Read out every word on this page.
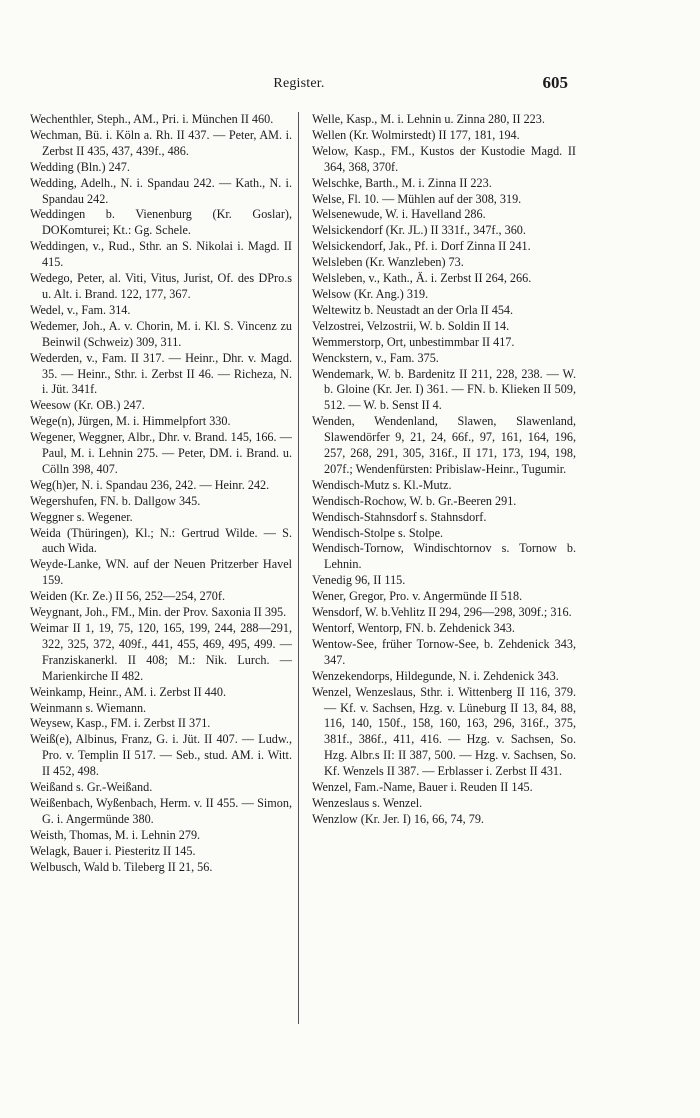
Register.	605

Wechenthler, Steph., AM., Pri. i. München II 460.

Wechman, Bü. i. Köln a. Rh. II 437. — Peter, AM. i. Zerbst II 435, 437, 439f., 486.

Wedding (Bln.) 247.

Wedding, Adelh., N. i. Spandau 242. — Kath., N. i. Spandau 242.

Weddingen b. Vienenburg (Kr. Goslar), DOKomturei; Kt.: Gg. Schele.

Weddingen, v., Rud., Sthr. an S. Nikolai i. Magd. II 415.

Wedego, Peter, al. Viti, Vitus, Jurist, Of. des DPro.s u. Alt. i. Brand. 122, 177, 367.

Wedel, v., Fam. 314.

Wedemer, Joh., A. v. Chorin, M. i. Kl. S. Vincenz zu Beinwil (Schweiz) 309, 311.

Wederden, v., Fam. II 317. — Heinr., Dhr. v. Magd. 35. — Heinr., Sthr. i. Zerbst II 46. — Richeza, N. i. Jüt. 341f.

Weesow (Kr. OB.) 247.

Wege(n), Jürgen, M. i. Himmelpfort 330.

Wegener, Weggner, Albr., Dhr. v. Brand. 145, 166. — Paul, M. i. Lehnin 275. — Peter, DM. i. Brand. u. Cölln 398, 407.

Weg(h)er, N. i. Spandau 236, 242. — Heinr. 242.

Wegershufen, FN. b. Dallgow 345.

Weggner s. Wegener.

Weida (Thüringen), Kl.; N.: Gertrud Wilde. — S. auch Wida.

Weyde-Lanke, WN. auf der Neuen Pritzerber Havel 159.

Weiden (Kr. Ze.) II 56, 252—254, 270f.

Weygnant, Joh., FM., Min. der Prov. Saxonia II 395.

Weimar II 1, 19, 75, 120, 165, 199, 244, 288—291, 322, 325, 372, 409f., 441, 455, 469, 495, 499. — Franziskanerkl. II 408; M.: Nik. Lurch. — Marienkirche II 482.

Weinkamp, Heinr., AM. i. Zerbst II 440.

Weinmann s. Wiemann.

Weysew, Kasp., FM. i. Zerbst II 371.

Weiß(e), Albinus, Franz, G. i. Jüt. II 407. — Ludw., Pro. v. Templin II 517. — Seb., stud. AM. i. Witt. II 452, 498.

Weißand s. Gr.-Weißand.

Weißenbach, Wyßenbach, Herm. v. II 455. — Simon, G. i. Angermünde 380.

Weisth, Thomas, M. i. Lehnin 279.

Welagk, Bauer i. Piesteritz II 145.

Welbusch, Wald b. Tileberg II 21, 56.

Welle, Kasp., M. i. Lehnin u. Zinna 280, II 223.

Wellen (Kr. Wolmirstedt) II 177, 181, 194.

Welow, Kasp., FM., Kustos der Kustodie Magd. II 364, 368, 370f.

Welschke, Barth., M. i. Zinna II 223.

Welse, Fl. 10. — Mühlen auf der 308, 319.

Welsenewude, W. i. Havelland 286.

Welsickendorf (Kr. JL.) II 331f., 347f., 360.

Welsickendorf, Jak., Pf. i. Dorf Zinna II 241.

Welsleben (Kr. Wanzleben) 73.

Welsleben, v., Kath., Ä. i. Zerbst II 264, 266.

Welsow (Kr. Ang.) 319.

Weltewitz b. Neustadt an der Orla II 454.

Velzostrei, Velzostrii, W. b. Soldin II 14.

Wemmerstorp, Ort, unbestimmbar II 417.

Wenckstern, v., Fam. 375.

Wendemark, W. b. Bardenitz II 211, 228, 238. — W. b. Gloine (Kr. Jer. I) 361. — FN. b. Klieken II 509, 512. — W. b. Senst II 4.

Wenden, Wendenland, Slawen, Slawenland, Slawendörfer 9, 21, 24, 66f., 97, 161, 164, 196, 257, 268, 291, 305, 316f., II 171, 173, 194, 198, 207f.; Wendenfürsten: Pribislaw-Heinr., Tugumir.

Wendisch-Mutz s. Kl.-Mutz.

Wendisch-Rochow, W. b. Gr.-Beeren 291.

Wendisch-Stahnsdorf s. Stahnsdorf.

Wendisch-Stolpe s. Stolpe.

Wendisch-Tornow, Windischtornov s. Tornow b. Lehnin.

Venedig 96, II 115.

Wener, Gregor, Pro. v. Angermünde II 518.

Wensdorf, W. b.Vehlitz II 294, 296—298, 309f.; 316.

Wentorf, Wentorp, FN. b. Zehdenick 343.

Wentow-See, früher Tornow-See, b. Zehdenick 343, 347.

Wenzekendorps, Hildegunde, N. i. Zehdenick 343.

Wenzel, Wenzeslaus, Sthr. i. Wittenberg II 116, 379. — Kf. v. Sachsen, Hzg. v. Lüneburg II 13, 84, 88, 116, 140, 150f., 158, 160, 163, 296, 316f., 375, 381f., 386f., 411, 416. — Hzg. v. Sachsen, So. Hzg. Albr.s II: II 387, 500. — Hzg. v. Sachsen, So. Kf. Wenzels II 387. — Erblasser i. Zerbst II 431.

Wenzel, Fam.-Name, Bauer i. Reuden II 145.

Wenzeslaus s. Wenzel.

Wenzlow (Kr. Jer. I) 16, 66, 74, 79.
